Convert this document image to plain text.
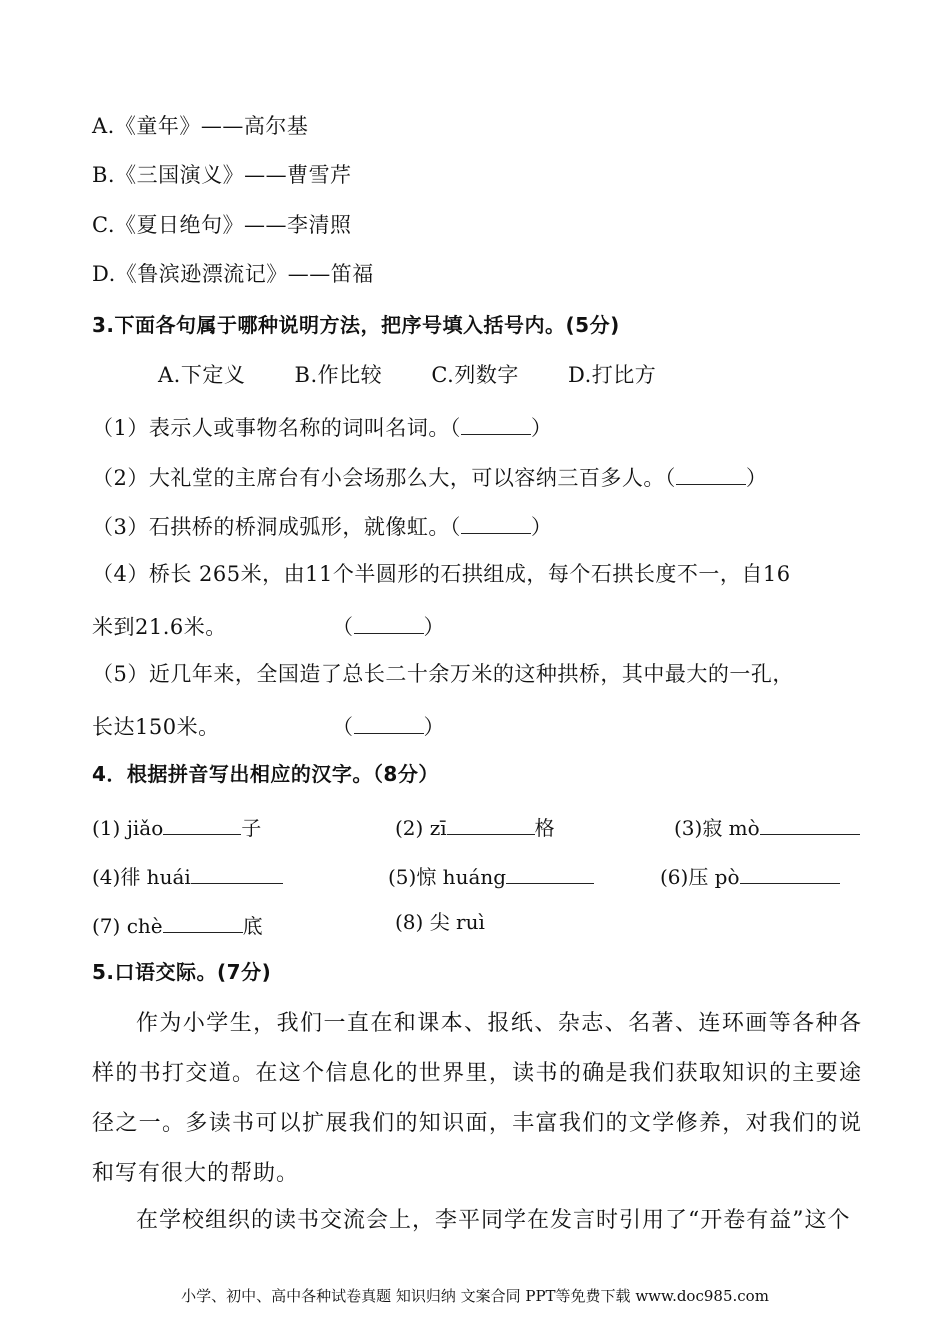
A.《童年》——高尔基
B.《三国演义》——曹雪芹
C.《夏日绝句》——李清照
D.《鲁滨逊漂流记》——笛福
3.下面各句属于哪种说明方法，把序号填入括号内。(5分)
A.下定义 B.作比较 C.列数字 D.打比方
（1）表示人或事物名称的词叫名词。（	）
（2）大礼堂的主席台有小会场那么大，可以容纳三百多人。（	）
（3）石拱桥的桥洞成弧形，就像虹。（	）
（4）桥长 265米，由11个半圆形的石拱组成，每个石拱长度不一，自16
米到21.6米。	（	）
（5）近几年来，全国造了总长二十余万米的这种拱桥，其中最大的一孔，
长达150米。	（	）
4．根据拼音写出相应的汉字。（8分）
(1) jiǎo	子	(2) zī	格	(3)寂 mò
(4)徘 huái	(5)惊 huáng	(6)压 pò
(7) chè	底	(8) 尖 ruì
5.口语交际。(7分)
作为小学生，我们一直在和课本、报纸、杂志、名著、连环画等各种各样的书打交道。在这个信息化的世界里，读书的确是我们获取知识的主要途径之一。多读书可以扩展我们的知识面，丰富我们的文学修养，对我们的说和写有很大的帮助。
在学校组织的读书交流会上，李平同学在发言时引用了“开卷有益”这个
小学、初中、高中各种试卷真题 知识归纳 文案合同 PPT等免费下载 www.doc985.com
